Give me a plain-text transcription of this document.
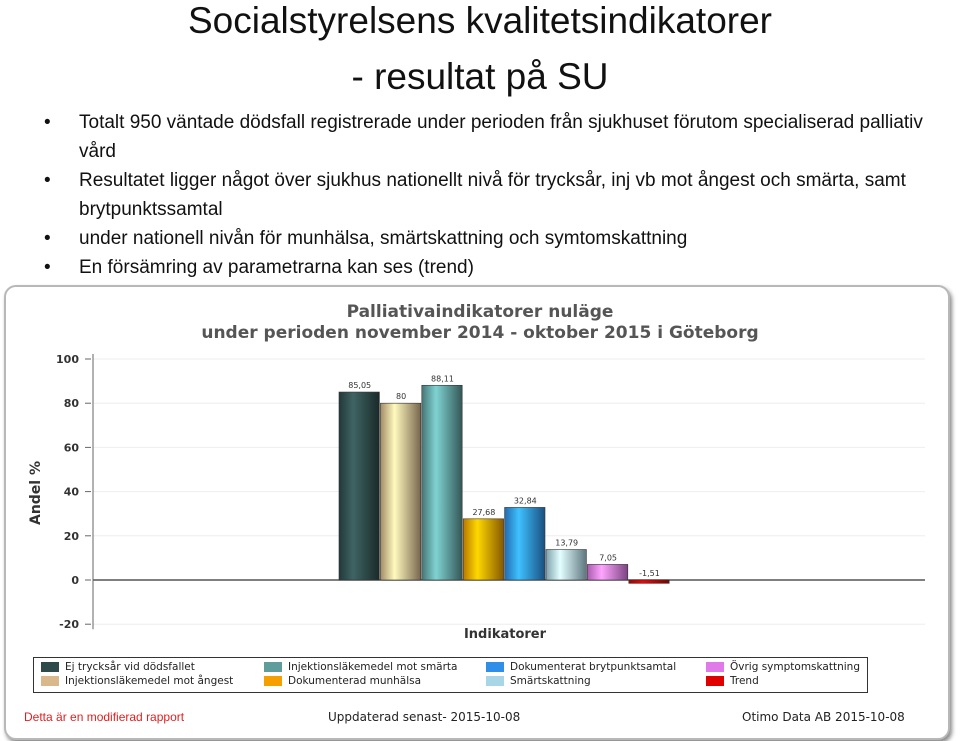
Socialstyrelsens kvalitetsindikatorer
- resultat på SU
• Totalt 950 väntade dödsfall registrerade under perioden från sjukhuset förutom specialiserad palliativ vård
• Resultatet ligger något över sjukhus nationellt nivå för trycksår, inj vb mot ångest och smärta, samt brytpunktssamtal
• under nationell nivån för munhälsa, smärtskattning och symtomskattning
• En försämring av parametrarna kan ses (trend)
Palliativaindikatorer nuläge
under perioden november 2014 - oktober 2015 i Göteborg
-20
0
20
40
60
80
100
Andel %
Indikatorer
85,05
80
88,11
27,68
32,84
13,79
7,05
-1,51
Ej trycksår vid dödsfallet
Injektionsläkemedel mot ångest
Injektionsläkemedel mot smärta
Dokumenterad munhälsa
Dokumenterat brytpunktsamtal
Smärtskattning
Övrig symptomskattning
Trend
Detta är en modifierad rapport	Uppdaterad senast- 2015-10-08	Otimo Data AB 2015-10-08
